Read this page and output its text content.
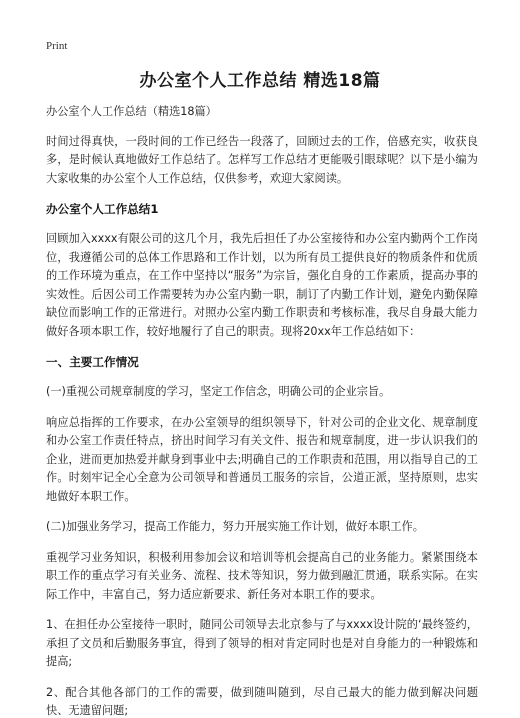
Print
办公室个人工作总结 精选18篇

办公室个人工作总结（精选18篇）

时间过得真快，一段时间的工作已经告一段落了，回顾过去的工作，倍感充实，收获良多，是时候认真地做好工作总结了。怎样写工作总结才更能吸引眼球呢？以下是小编为大家收集的办公室个人工作总结，仅供参考，欢迎大家阅读。

办公室个人工作总结1

回顾加入xxxx有限公司的这几个月，我先后担任了办公室接待和办公室内勤两个工作岗位，我遵循公司的总体工作思路和工作计划，以为所有员工提供良好的物质条件和优质的工作环境为重点，在工作中坚持以“服务”为宗旨，强化自身的工作素质，提高办事的实效性。后因公司工作需要转为办公室内勤一职，制订了内勤工作计划，避免内勤保障缺位而影响工作的正常进行。对照办公室内勤工作职责和考核标准，我尽自身最大能力做好各项本职工作，较好地履行了自己的职责。现将20xx年工作总结如下：

一、主要工作情况

(一)重视公司规章制度的学习，坚定工作信念，明确公司的企业宗旨。

响应总指挥的工作要求，在办公室领导的组织领导下，针对公司的企业文化、规章制度和办公室工作责任特点，挤出时间学习有关文件、报告和规章制度，进一步认识我们的企业，进而更加热爱并献身到事业中去;明确自己的工作职责和范围，用以指导自己的工作。时刻牢记全心全意为公司领导和普通员工服务的宗旨，公道正派，坚持原则，忠实地做好本职工作。

(二)加强业务学习，提高工作能力，努力开展实施工作计划，做好本职工作。

重视学习业务知识，积极利用参加会议和培训等机会提高自己的业务能力。紧紧围绕本职工作的重点学习有关业务、流程、技术等知识，努力做到融汇贯通，联系实际。在实际工作中，丰富自己，努力适应新要求、新任务对本职工作的要求。

1、在担任办公室接待一职时，随同公司领导去北京参与了与xxxx设计院的‘最终签约，承担了文员和后勤服务事宜，得到了领导的相对肯定同时也是对自身能力的一种锻炼和提高;

2、配合其他各部门的工作的需要，做到随叫随到，尽自己最大的能力做到解决问题快、无遗留问题;
